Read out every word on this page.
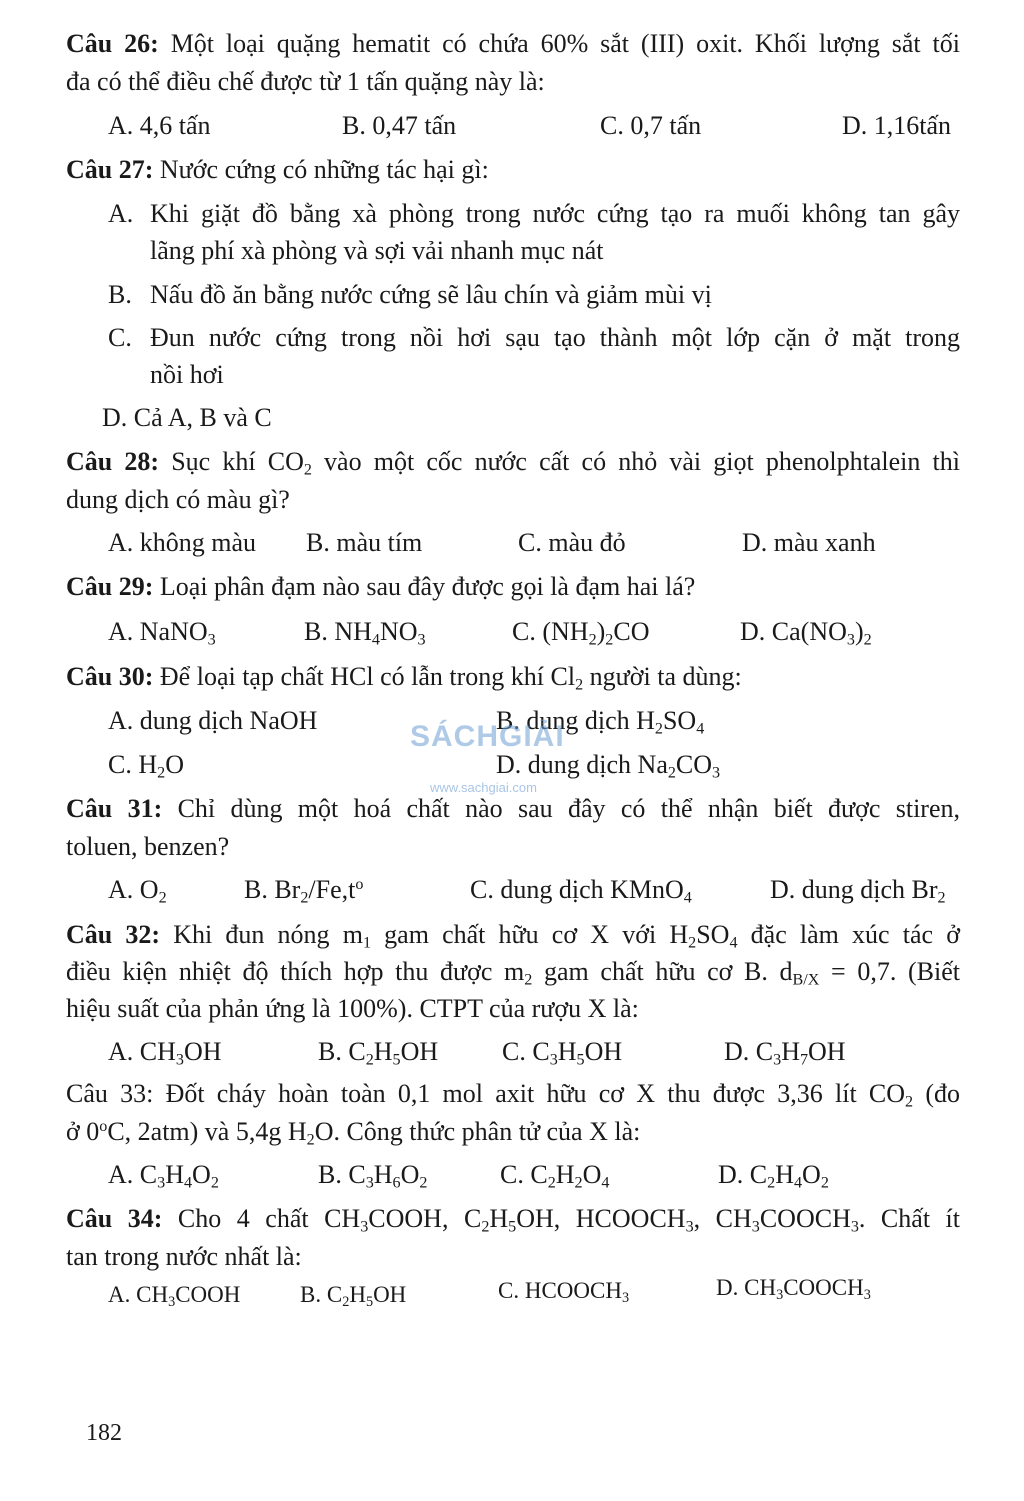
Câu 26: Một loại quặng hematit có chứa 60% sắt (III) oxit. Khối lượng sắt tối
đa có thể điều chế được từ 1 tấn quặng này là:
A. 4,6 tấn	B. 0,47 tấn	C. 0,7 tấn	D. 1,16tấn
Câu 27: Nước cứng có những tác hại gì:
A. Khi giặt đồ bằng xà phòng trong nước cứng tạo ra muối không tan gây
lãng phí xà phòng và sợi vải nhanh mục nát
B. Nấu đồ ăn bằng nước cứng sẽ lâu chín và giảm mùi vị
C. Đun nước cứng trong nồi hơi sạu tạo thành một lớp cặn ở mặt trong
nồi hơi
D. Cả A, B và C
Câu 28: Sục khí $CO_2$ vào một cốc nước cất có nhỏ vài giọt phenolphtalein thì
dung dịch có màu gì?
A. không màu B. màu tím	C. màu đỏ	D. màu xanh
Câu 29: Loại phân đạm nào sau đây được gọi là đạm hai lá?
A. NaNO$_3$	B. $NH_4NO_3$	C. $(NH_2)_2CO$	D. $Ca(NO_3)_2$
Câu 30: Để loại tạp chất HCl có lẫn trong khí $Cl_2$ người ta dùng:
A. dung dịch NaOH	B. dung dịch $H_2SO_4$
C. $H_2O$	D. dung dịch $Na_2CO_3$
SÁCHGIẢI
www.sachgiai.com
Câu 31: Chỉ dùng một hoá chất nào sau đây có thể nhận biết được stiren,
toluen, benzen?
A. $O_2$	B. $Br_2/Fe,t^o$	C. dung dịch KMnO$_4$	D. dung dịch $Br_2$
Câu 32: Khi đun nóng $m_1$ gam chất hữu cơ X với $H_2SO_4$ đặc làm xúc tác ở
điều kiện nhiệt độ thích hợp thu được $m_2$ gam chất hữu cơ B. $d_{B/X} = 0,7$. (Biết
hiệu suất của phản ứng là 100%). CTPT của rượu X là:
A. $CH_3OH$	B. $C_2H_5OH$ C. $C_3H_5OH$	D. $C_3H_7OH$
Câu 33: Đốt cháy hoàn toàn 0,1 mol axit hữu cơ X thu được 3,36 lít $CO_2$ (đo
ở 0$^o$C, 2atm) và 5,4g $H_2O$. Công thức phân tử của X là:
A. $C_3H_4O_2$	B. $C_3H_6O_2$	C. $C_2H_2O_4$	D. $C_2H_4O_2$
Câu 34: Cho 4 chất $CH_3COOH$, $C_2H_5OH$, $HCOOCH_3$, $CH_3COOCH_3$. Chất ít
tan trong nước nhất là:
A. $CH_3COOH$	B. $C_2H_5OH$	C. $HCOOCH_3$	D. $CH_3COOCH_3$
182
